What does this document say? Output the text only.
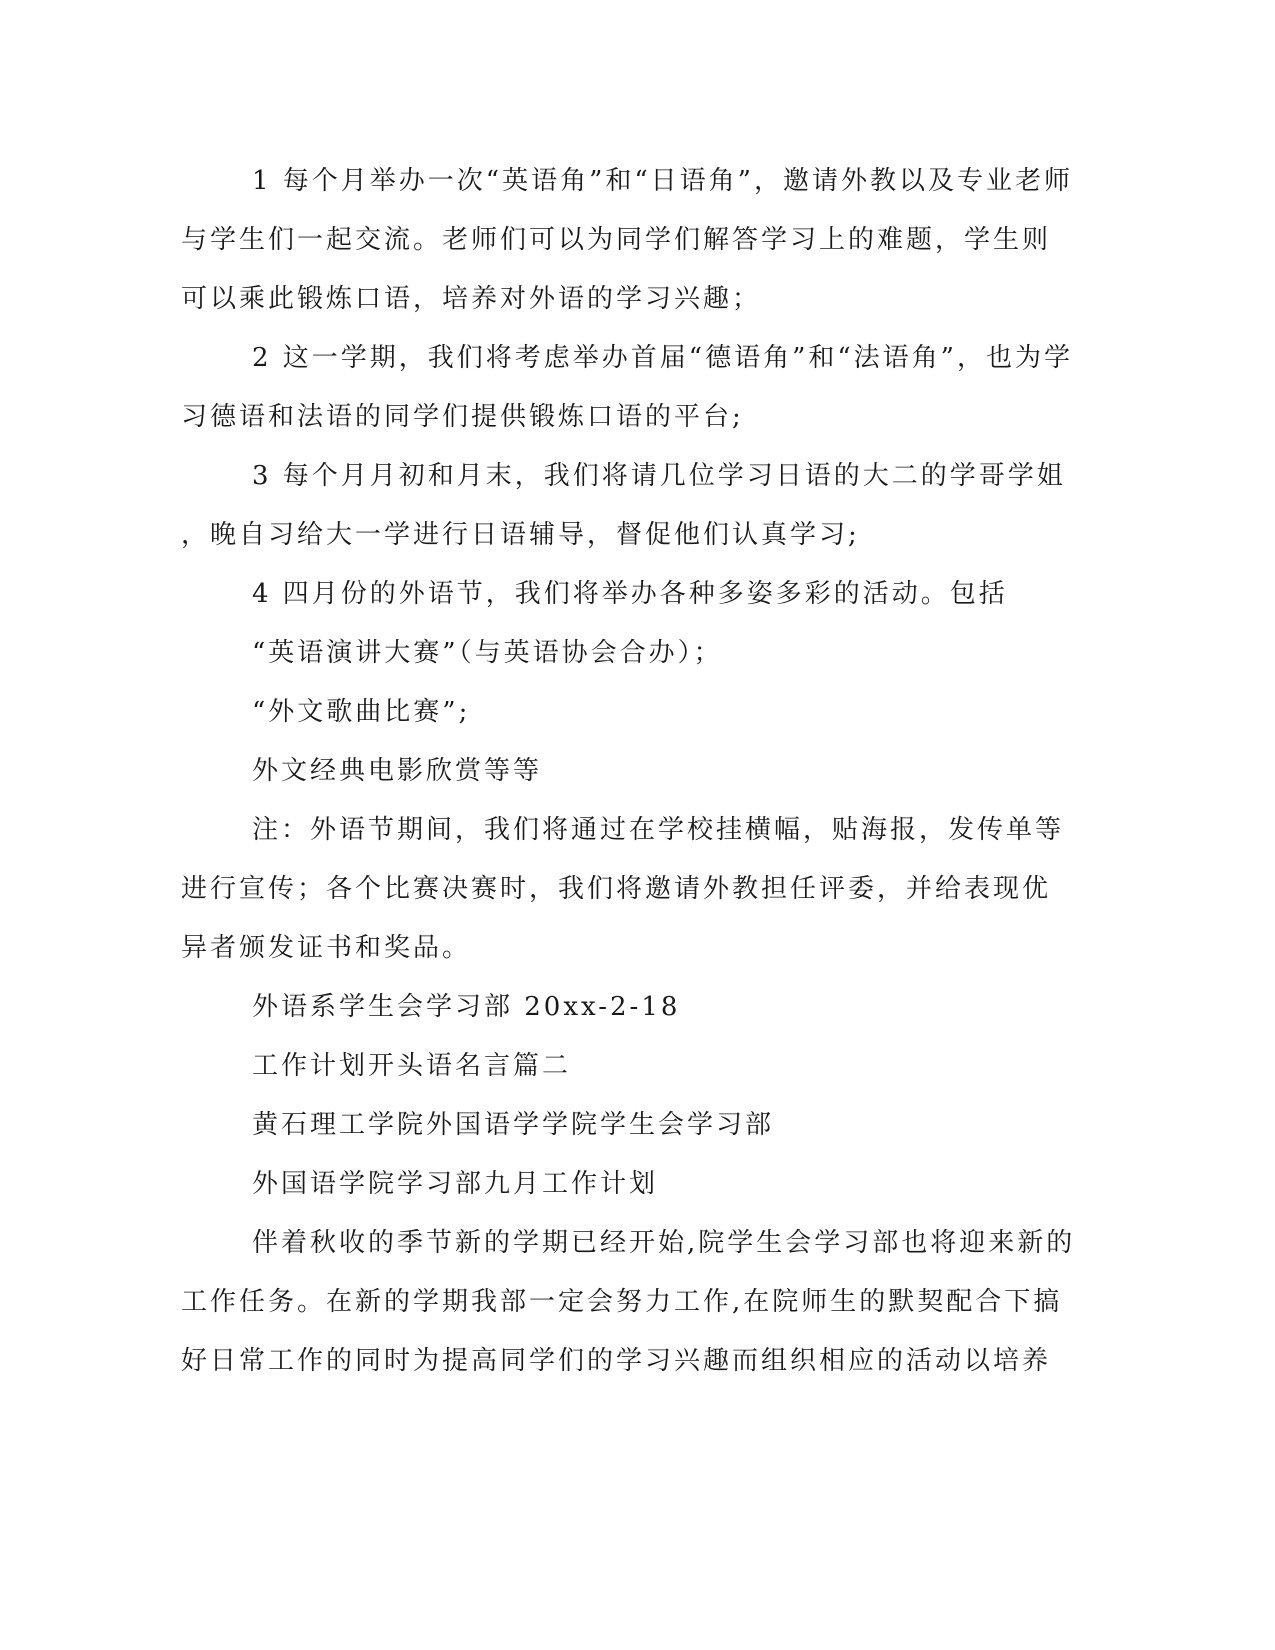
1 每个月举办一次“英语角”和“日语角”，邀请外教以及专业老师
与学生们一起交流。老师们可以为同学们解答学习上的难题，学生则
可以乘此锻炼口语，培养对外语的学习兴趣；
2 这一学期，我们将考虑举办首届“德语角”和“法语角”，也为学
习德语和法语的同学们提供锻炼口语的平台;
3 每个月月初和月末，我们将请几位学习日语的大二的学哥学姐
，晚自习给大一学进行日语辅导，督促他们认真学习;
4 四月份的外语节，我们将举办各种多姿多彩的活动。包括
“英语演讲大赛”（与英语协会合办）；
“外文歌曲比赛”;
外文经典电影欣赏等等
注：外语节期间，我们将通过在学校挂横幅，贴海报，发传单等
进行宣传；各个比赛决赛时，我们将邀请外教担任评委，并给表现优
异者颁发证书和奖品。
外语系学生会学习部 20xx-2-18
工作计划开头语名言篇二
黄石理工学院外国语学学院学生会学习部
外国语学院学习部九月工作计划
伴着秋收的季节新的学期已经开始,院学生会学习部也将迎来新的
工作任务。在新的学期我部一定会努力工作,在院师生的默契配合下搞
好日常工作的同时为提高同学们的学习兴趣而组织相应的活动以培养
